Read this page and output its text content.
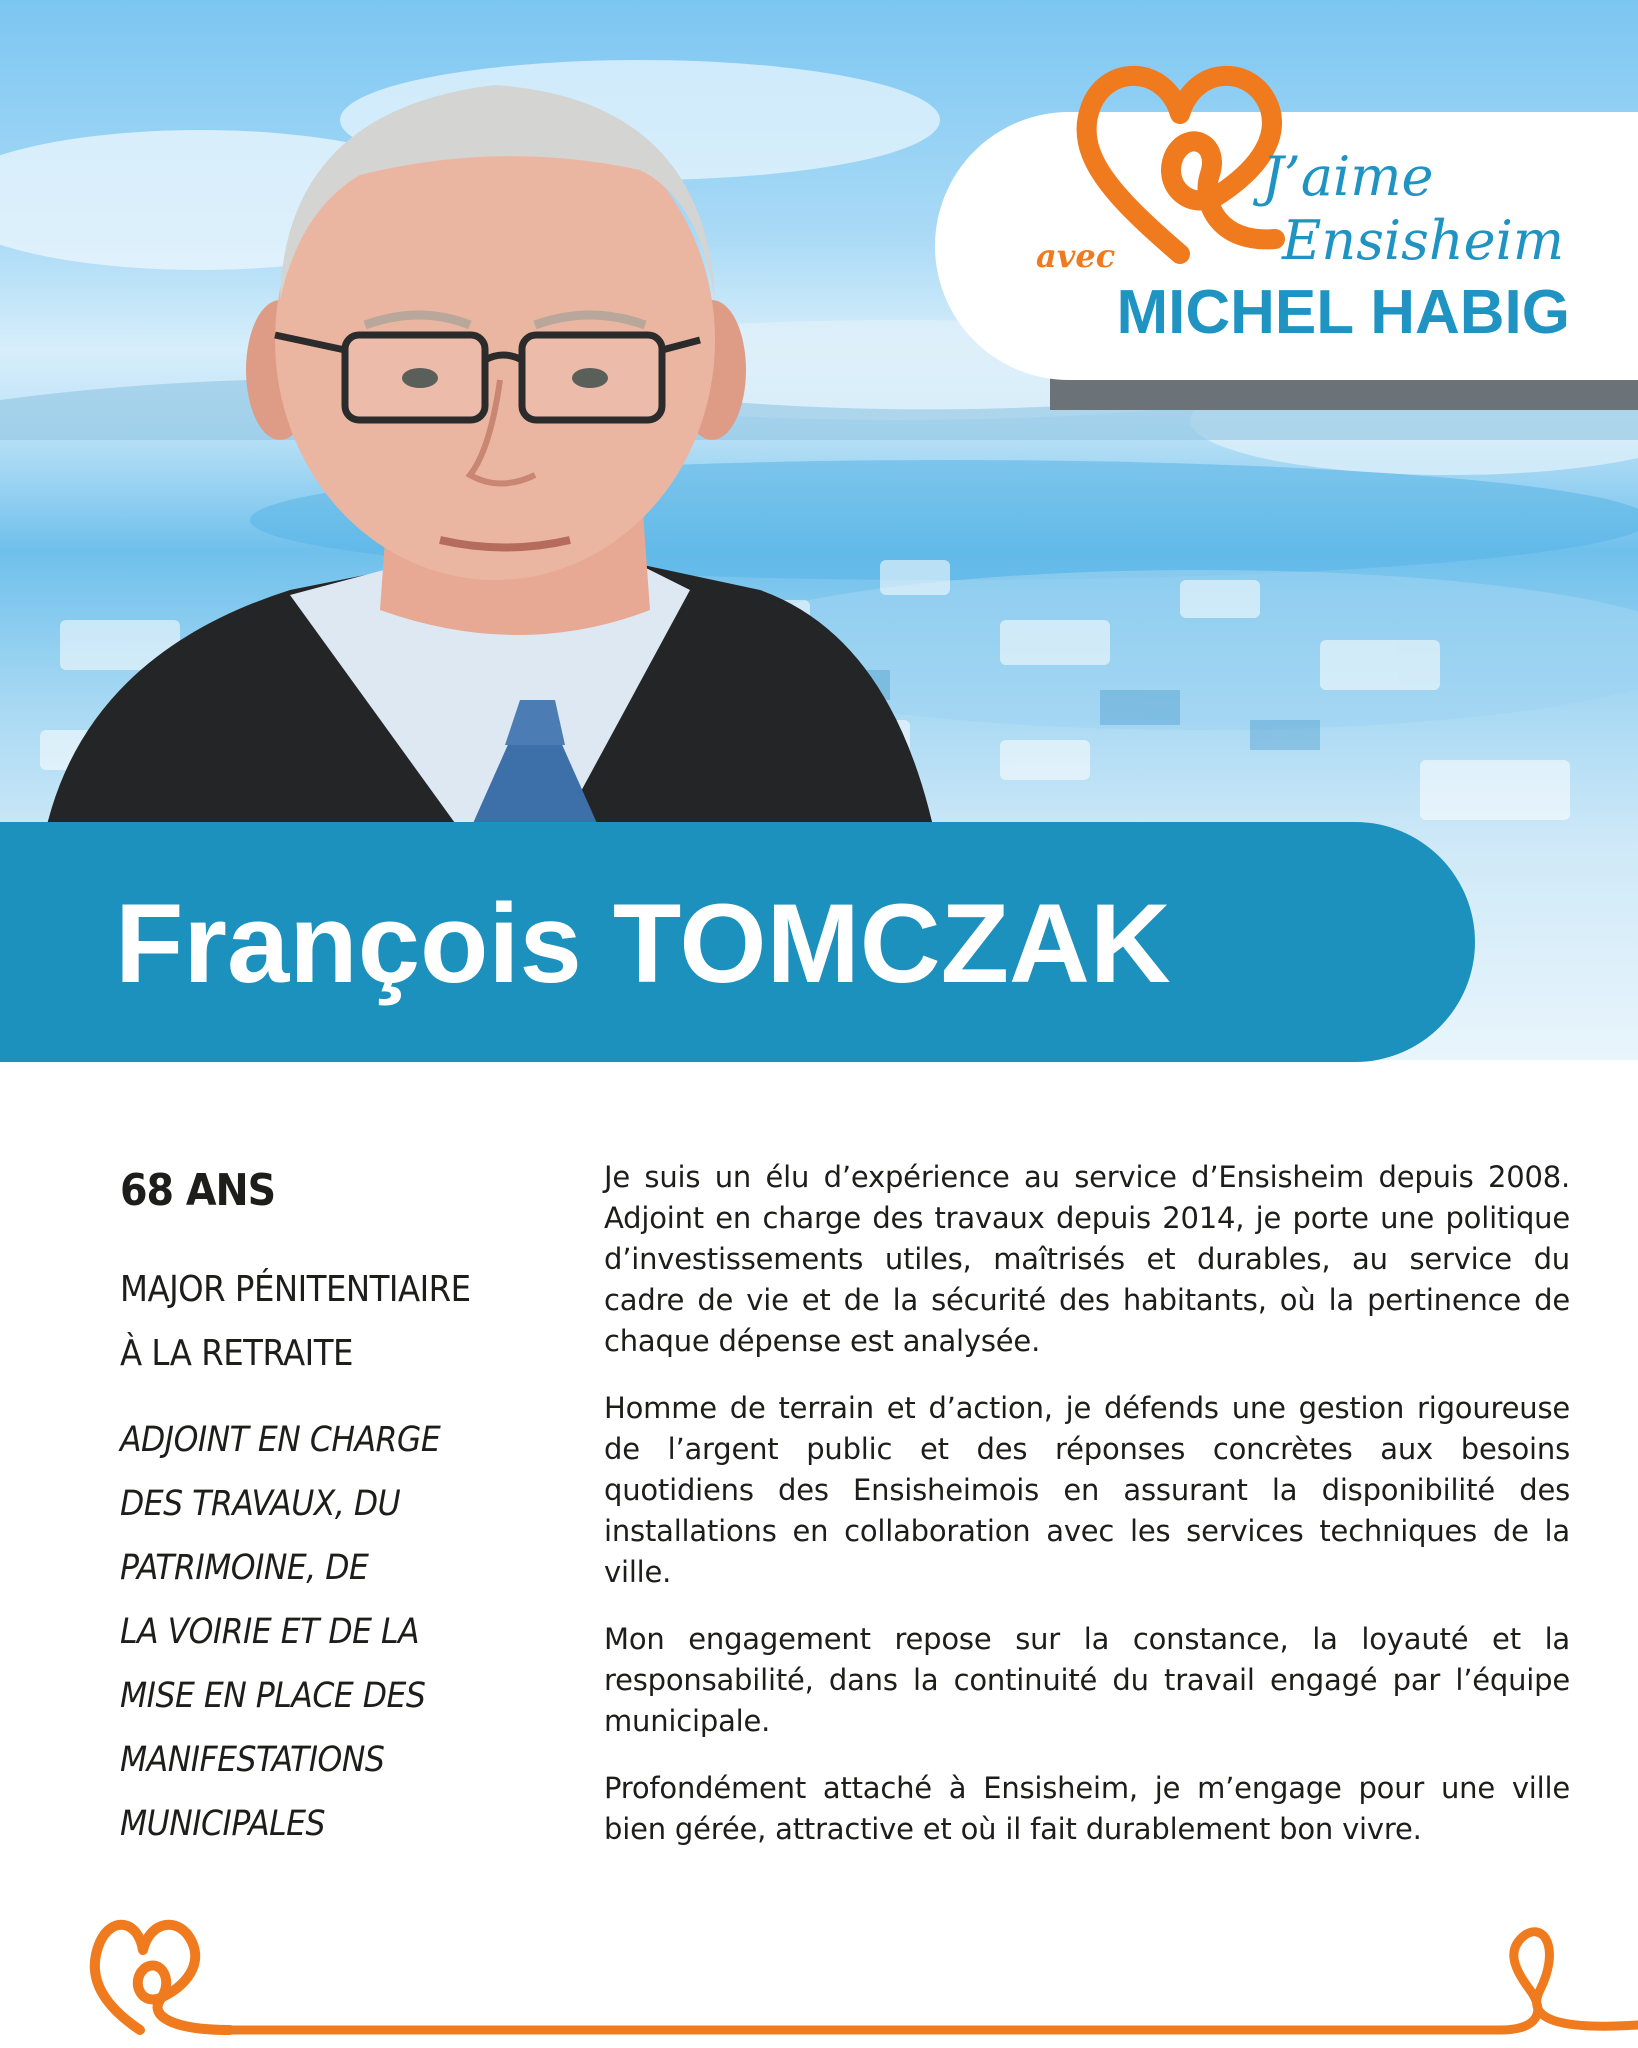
J’aime
Ensisheim
avec
MICHEL HABIG
François TOMCZAK
68 ANS
MAJOR PÉNITENTIAIRE
À LA RETRAITE
ADJOINT EN CHARGE
DES TRAVAUX, DU
PATRIMOINE, DE
LA VOIRIE ET DE LA
MISE EN PLACE DES
MANIFESTATIONS
MUNICIPALES

Je suis un élu d’expérience au service d’Ensisheim depuis 2008. Adjoint en charge des travaux depuis 2014, je porte une politique d’investissements utiles, maîtrisés et durables, au service du cadre de vie et de la sécurité des habitants, où la pertinence de chaque dépense est analysée.

Homme de terrain et d’action, je défends une gestion rigoureuse de l’argent public et des réponses concrètes aux besoins quotidiens des Ensisheimois en assurant la disponibilité des installations en collaboration avec les services techniques de la ville.

Mon engagement repose sur la constance, la loyauté et la responsabilité, dans la continuité du travail engagé par l’équipe municipale.

Profondément attaché à Ensisheim, je m’engage pour une ville bien gérée, attractive et où il fait durablement bon vivre.
